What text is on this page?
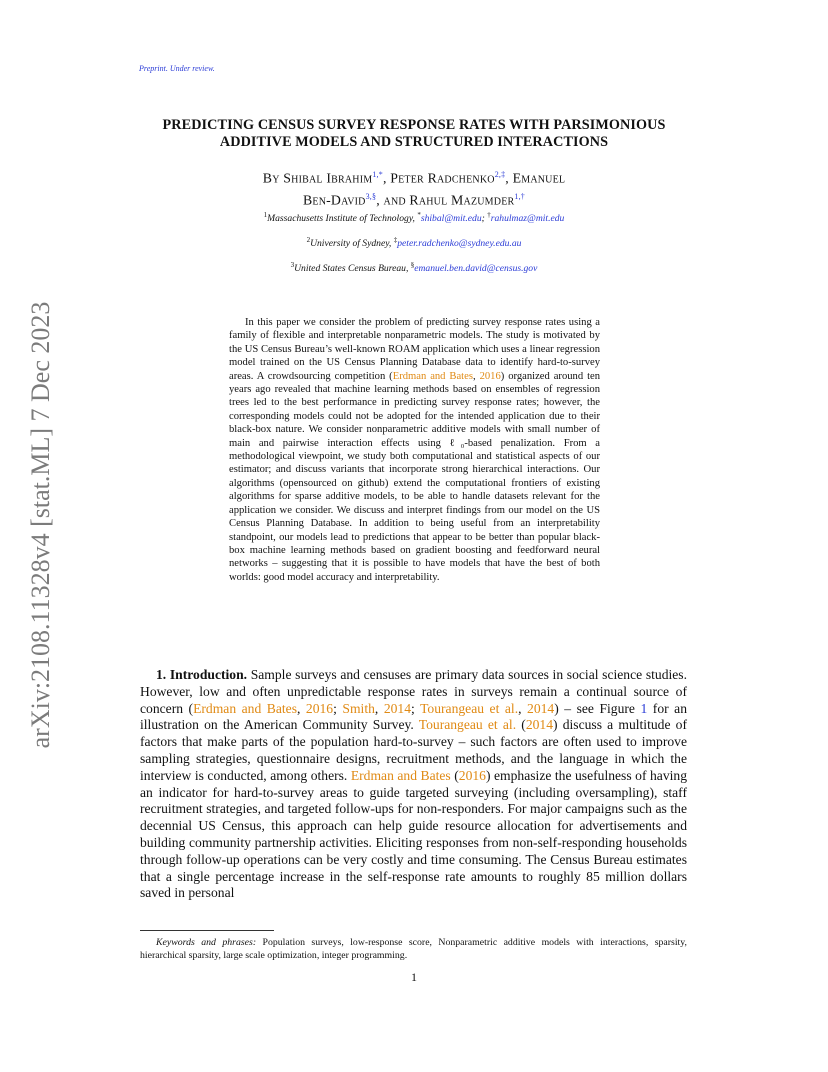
Preprint. Under review.
arXiv:2108.11328v4 [stat.ML] 7 Dec 2023
PREDICTING CENSUS SURVEY RESPONSE RATES WITH PARSIMONIOUS
ADDITIVE MODELS AND STRUCTURED INTERACTIONS
By Shibal Ibrahim$^{1,*}$, Peter Radchenko$^{2,\ddagger}$, Emanuel
Ben-David$^{3,\S}$, and Rahul Mazumder$^{1,\dagger}$
$^1$Massachusetts Institute of Technology, *shibal@mit.edu; †rahulmaz@mit.edu
$^2$University of Sydney, ‡peter.radchenko@sydney.edu.au
$^3$United States Census Bureau, §emanuel.ben.david@census.gov

In this paper we consider the problem of predicting survey response rates using a family of flexible and interpretable nonparametric models. The study is motivated by the US Census Bureau’s well-known ROAM application which uses a linear regression model trained on the US Census Planning Database data to identify hard-to-survey areas. A crowdsourcing competition (Erdman and Bates, 2016) organized around ten years ago revealed that machine learning methods based on ensembles of regression trees led to the best performance in predicting survey response rates; however, the corresponding models could not be adopted for the intended application due to their black-box nature. We consider nonparametric additive models with small number of main and pairwise interaction effects using ℓ₀-based penalization. From a methodological viewpoint, we study both computational and statistical aspects of our estimator; and discuss variants that incorporate strong hierarchical interactions. Our algorithms (opensourced on github) extend the computational frontiers of existing algorithms for sparse additive models, to be able to handle datasets relevant for the application we consider. We discuss and interpret findings from our model on the US Census Planning Database. In addition to being useful from an interpretability standpoint, our models lead to predictions that appear to be better than popular black-box machine learning methods based on gradient boosting and feedforward neural networks – suggesting that it is possible to have models that have the best of both worlds: good model accuracy and interpretability.

1. Introduction. Sample surveys and censuses are primary data sources in social science studies. However, low and often unpredictable response rates in surveys remain a continual source of concern (Erdman and Bates, 2016; Smith, 2014; Tourangeau et al., 2014) – see Figure 1 for an illustration on the American Community Survey. Tourangeau et al. (2014) discuss a multitude of factors that make parts of the population hard-to-survey – such factors are often used to improve sampling strategies, questionnaire designs, recruitment methods, and the language in which the interview is conducted, among others. Erdman and Bates (2016) emphasize the usefulness of having an indicator for hard-to-survey areas to guide targeted surveying (including oversampling), staff recruitment strategies, and targeted follow-ups for non-responders. For major campaigns such as the decennial US Census, this approach can help guide resource allocation for advertisements and building community partnership activities. Eliciting responses from non-self-responding households through follow-up operations can be very costly and time consuming. The Census Bureau estimates that a single percentage increase in the self-response rate amounts to roughly 85 million dollars saved in personal

Keywords and phrases: Population surveys, low-response score, Nonparametric additive models with interactions, sparsity, hierarchical sparsity, large scale optimization, integer programming.

1
